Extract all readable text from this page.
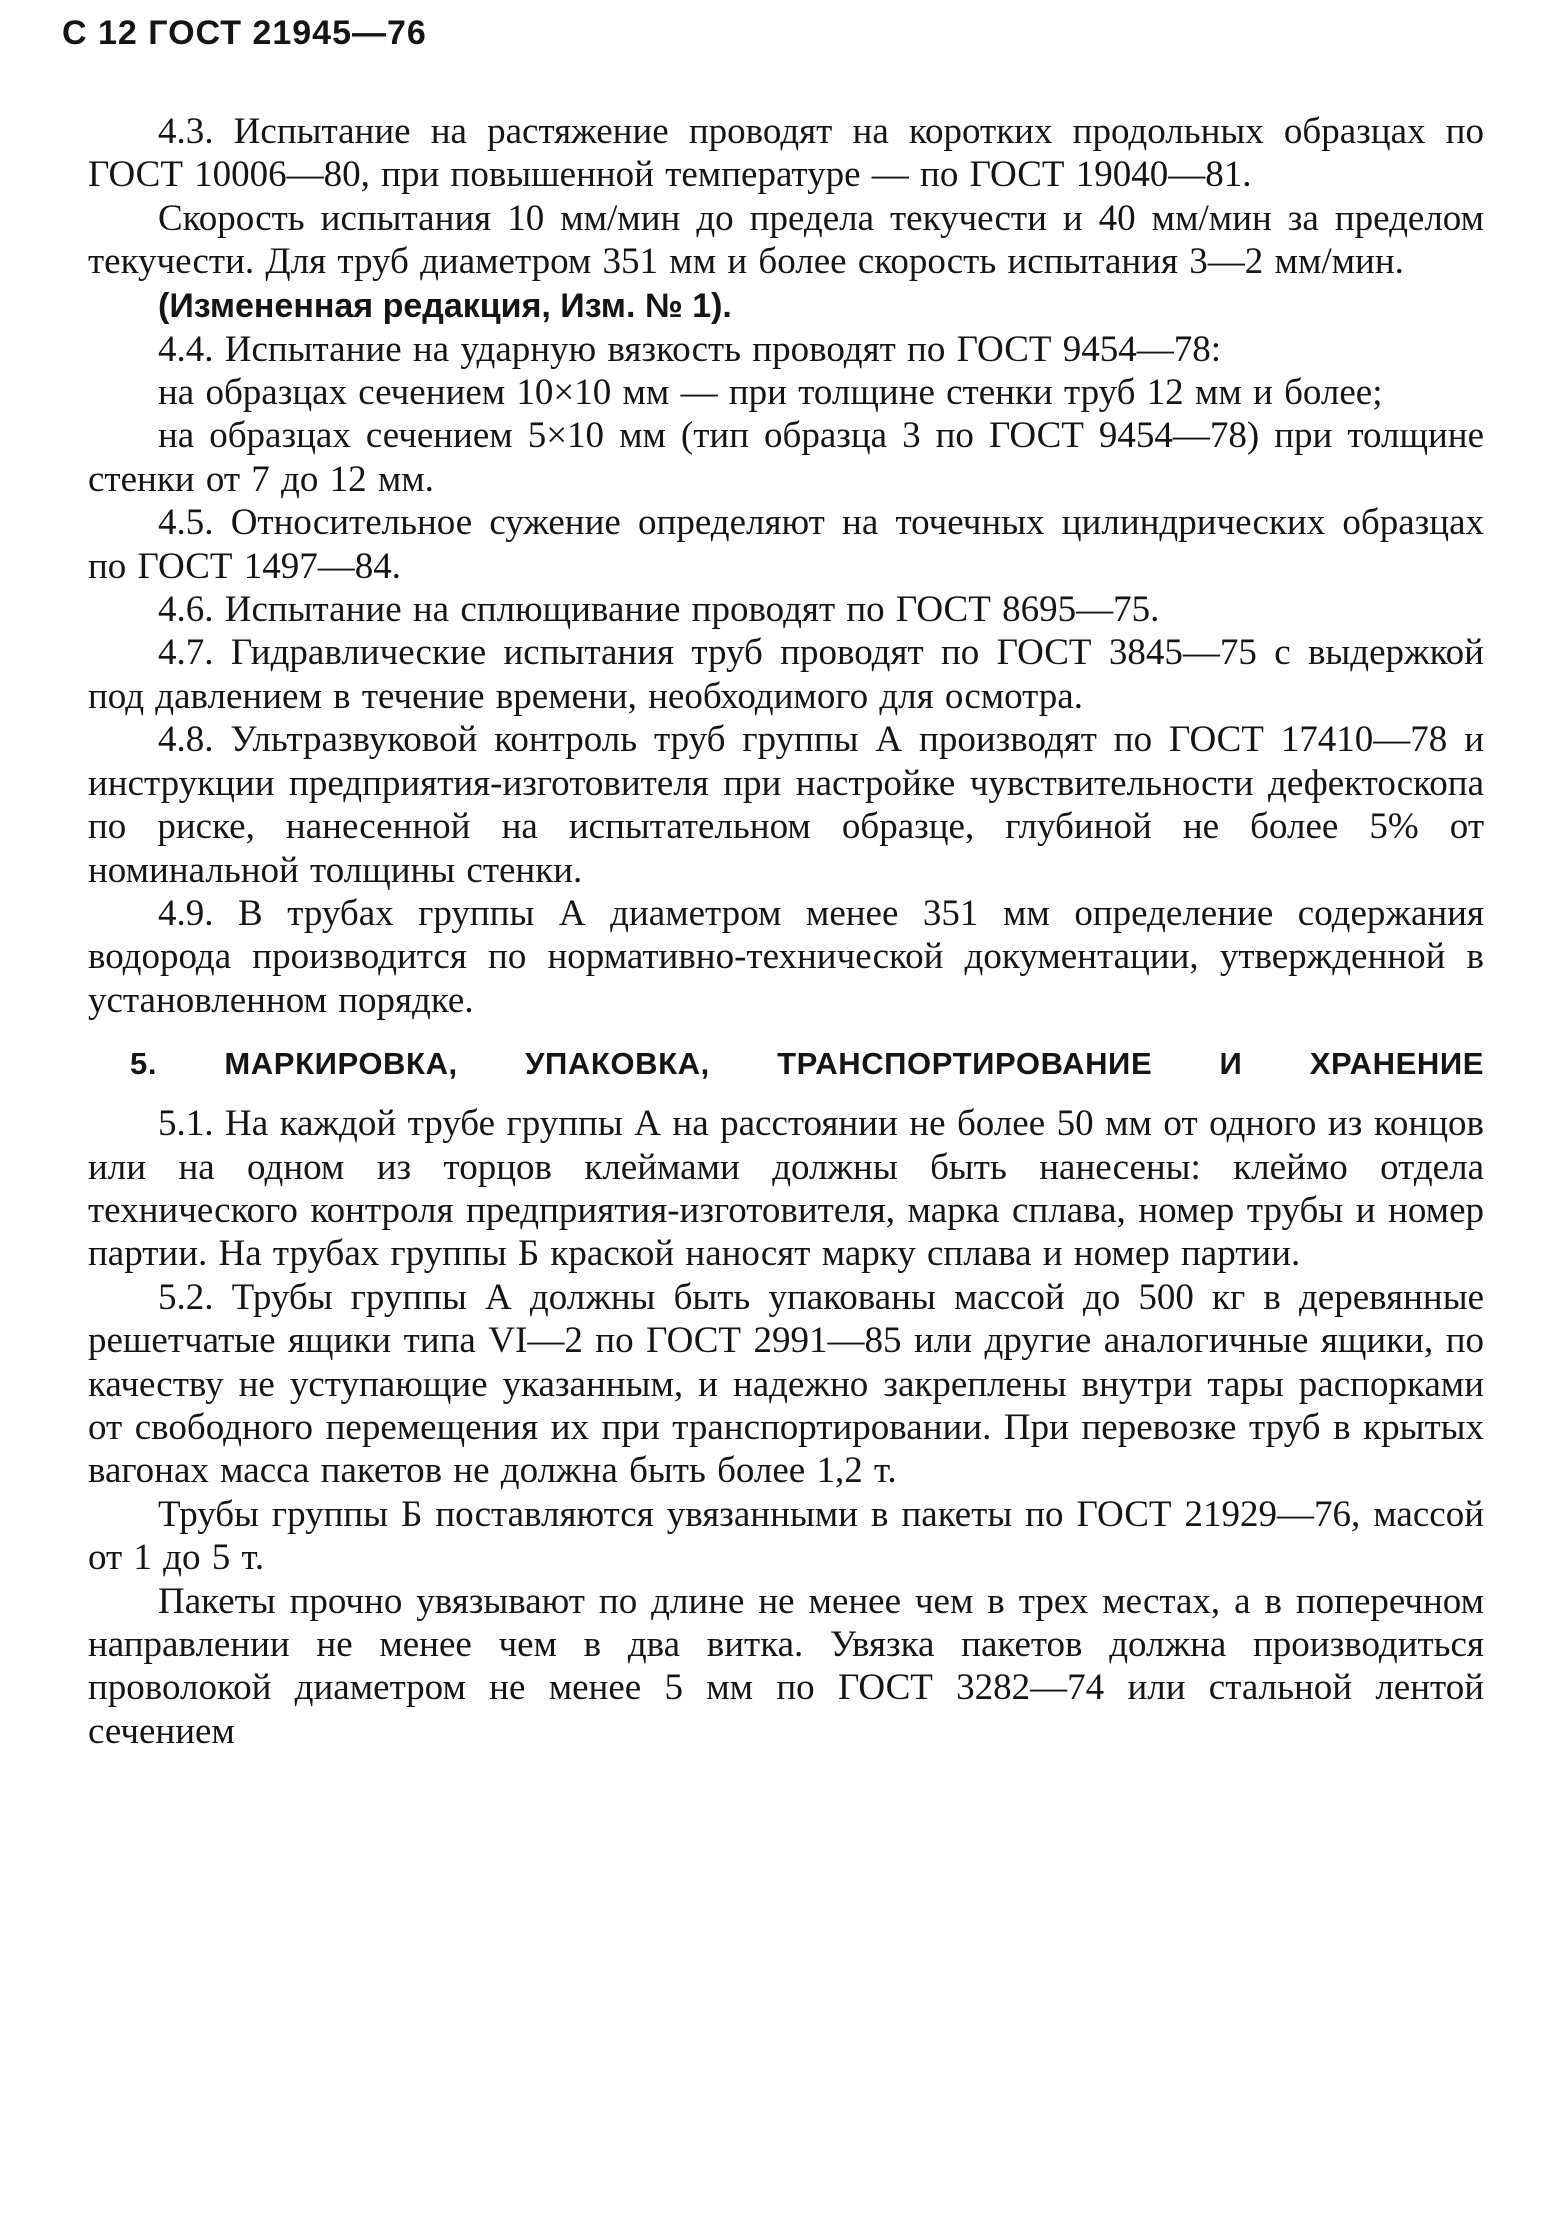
С 12 ГОСТ 21945—76

4.3. Испытание на растяжение проводят на коротких продольных образцах по ГОСТ 10006—80, при повышенной температуре — по ГОСТ 19040—81.

Скорость испытания 10 мм/мин до предела текучести и 40 мм/мин за пределом текучести. Для труб диаметром 351 мм и более скорость испытания 3—2 мм/мин.

(Измененная редакция, Изм. № 1).

4.4. Испытание на ударную вязкость проводят по ГОСТ 9454—78:

на образцах сечением 10×10 мм — при толщине стенки труб 12 мм и более;

на образцах сечением 5×10 мм (тип образца 3 по ГОСТ 9454—78) при толщине стенки от 7 до 12 мм.

4.5. Относительное сужение определяют на точечных цилиндрических образцах по ГОСТ 1497—84.

4.6. Испытание на сплющивание проводят по ГОСТ 8695—75.

4.7. Гидравлические испытания труб проводят по ГОСТ 3845—75 с выдержкой под давлением в течение времени, необходимого для осмотра.

4.8. Ультразвуковой контроль труб группы А производят по ГОСТ 17410—78 и инструкции предприятия-изготовителя при настройке чувствительности дефектоскопа по риске, нанесенной на испытательном образце, глубиной не более 5% от номинальной толщины стенки.

4.9. В трубах группы А диаметром менее 351 мм определение содержания водорода производится по нормативно-технической документации, утвержденной в установленном порядке.

5. МАРКИРОВКА, УПАКОВКА, ТРАНСПОРТИРОВАНИЕ И ХРАНЕНИЕ

5.1. На каждой трубе группы А на расстоянии не более 50 мм от одного из концов или на одном из торцов клеймами должны быть нанесены: клеймо отдела технического контроля предприятия-изготовителя, марка сплава, номер трубы и номер партии. На трубах группы Б краской наносят марку сплава и номер партии.

5.2. Трубы группы А должны быть упакованы массой до 500 кг в деревянные решетчатые ящики типа VI—2 по ГОСТ 2991—85 или другие аналогичные ящики, по качеству не уступающие указанным, и надежно закреплены внутри тары распорками от свободного перемещения их при транспортировании. При перевозке труб в крытых вагонах масса пакетов не должна быть более 1,2 т.

Трубы группы Б поставляются увязанными в пакеты по ГОСТ 21929—76, массой от 1 до 5 т.

Пакеты прочно увязывают по длине не менее чем в трех местах, а в поперечном направлении не менее чем в два витка. Увязка пакетов должна производиться проволокой диаметром не менее 5 мм по ГОСТ 3282—74 или стальной лентой сечением
